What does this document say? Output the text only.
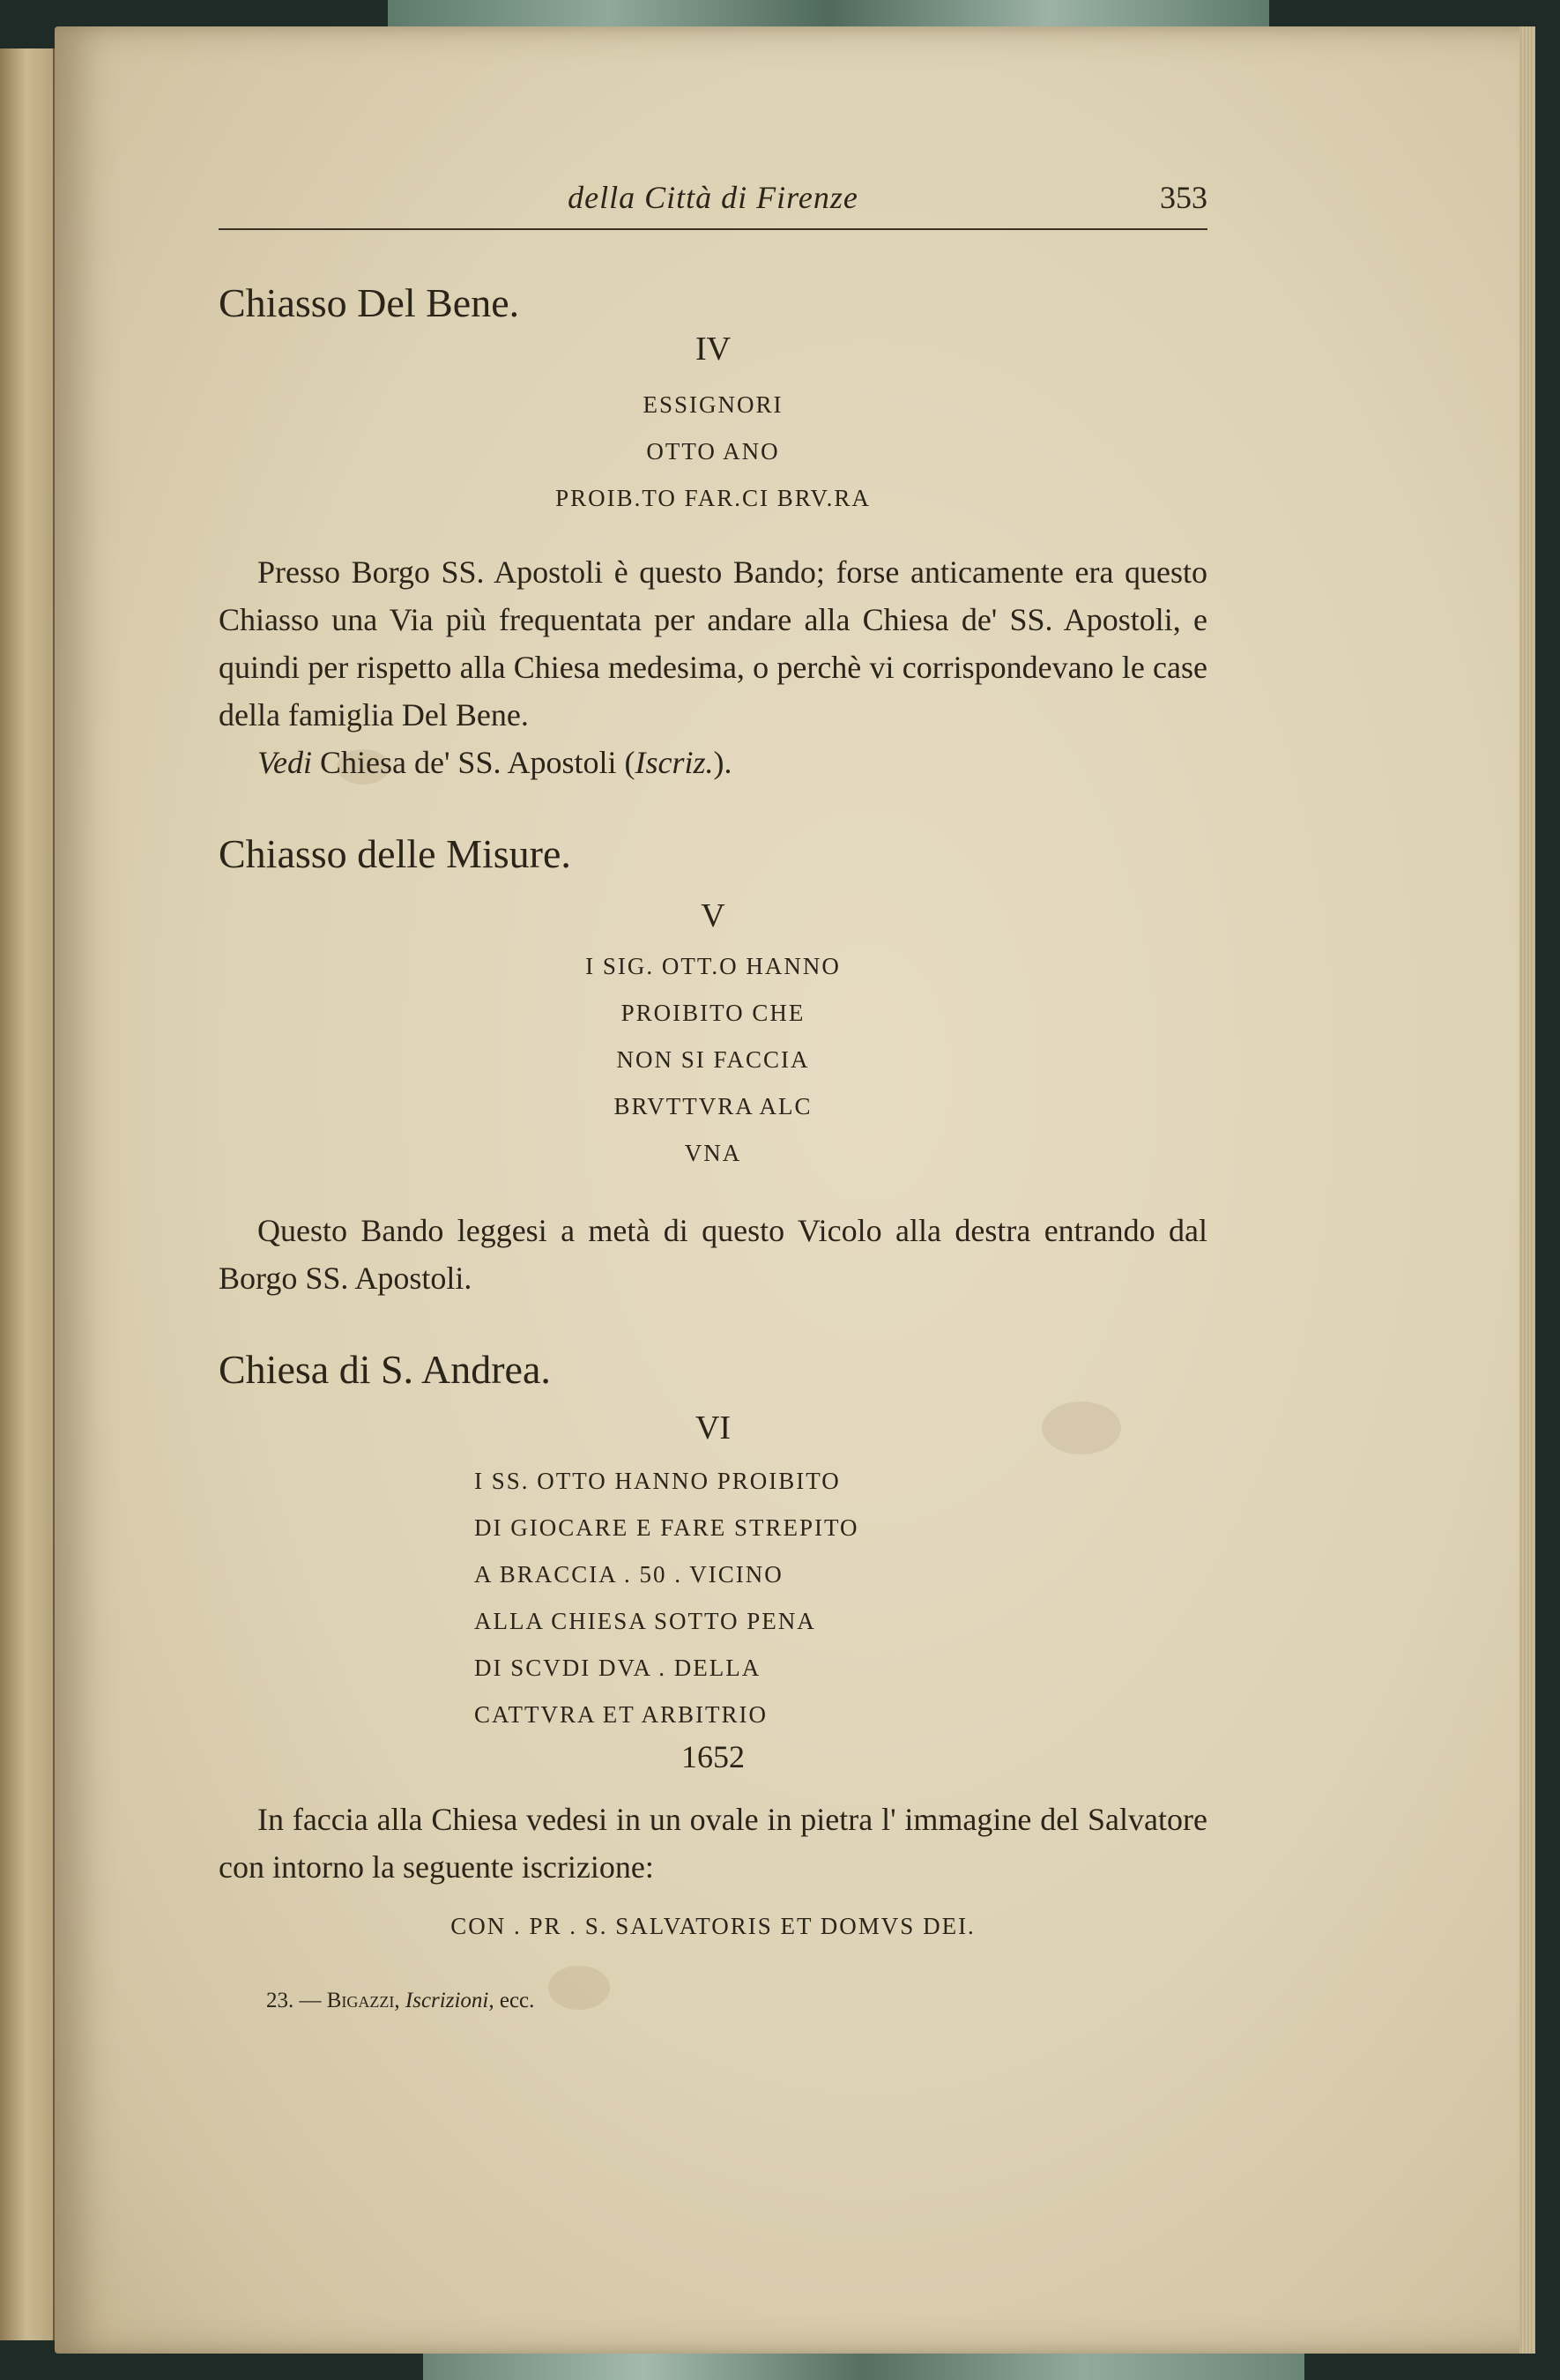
della Città di Firenze	353
Chiasso Del Bene.

IV

ESSIGNORI
OTTO ANO
PROIB.TO FAR.CI BRV.RA

Presso Borgo SS. Apostoli è questo Bando; forse anticamente era questo Chiasso una Via più frequentata per andare alla Chiesa de' SS. Apostoli, e quindi per rispetto alla Chiesa medesima, o perchè vi corrispondevano le case della famiglia Del Bene.

Vedi Chiesa de' SS. Apostoli (Iscriz.).

Chiasso delle Misure.

V

I SIG. OTT.O HANNO
PROIBITO CHE
NON SI FACCIA
BRVTTVRA ALC
VNA

Questo Bando leggesi a metà di questo Vicolo alla destra entrando dal Borgo SS. Apostoli.

Chiesa di S. Andrea.

VI

I SS. OTTO HANNO PROIBITO
DI GIOCARE E FARE STREPITO
A BRACCIA . 50 . VICINO
ALLA CHIESA SOTTO PENA
DI SCVDI DVA . DELLA
CATTVRA ET ARBITRIO

1652

In faccia alla Chiesa vedesi in un ovale in pietra l' immagine del Salvatore con intorno la seguente iscrizione:

CON . PR . S. SALVATORIS ET DOMVS DEI.

23. — Bigazzi, Iscrizioni, ecc.
